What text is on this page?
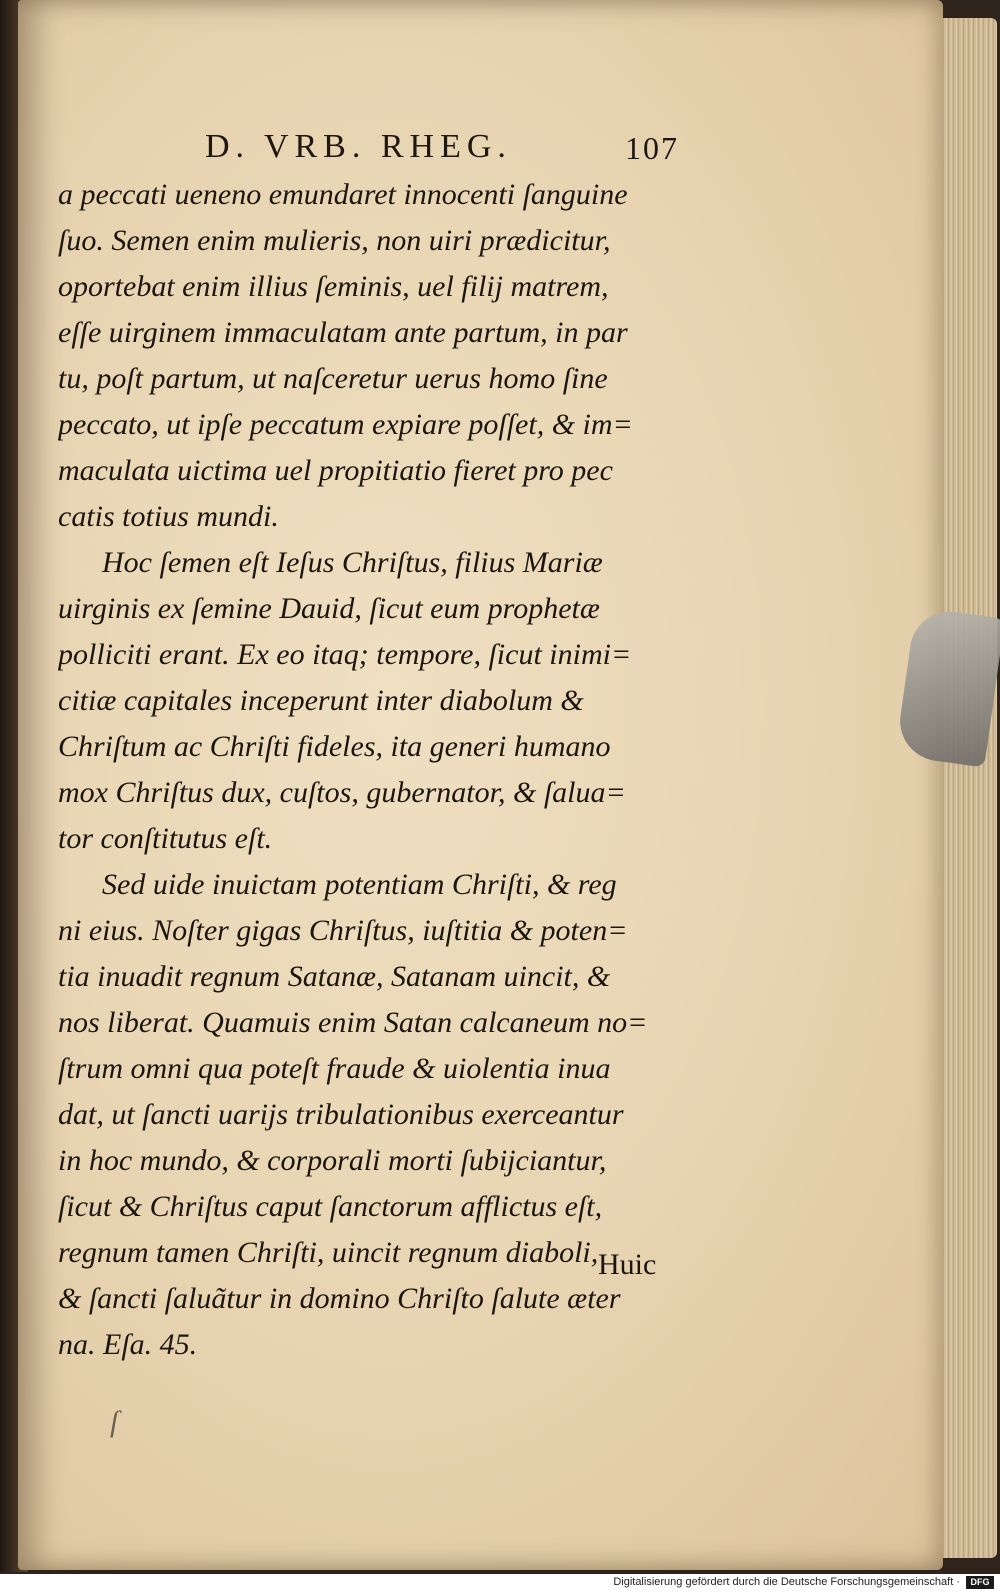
D. VRB. RHEG.	107
a peccati ueneno emundaret innocenti ſanguine
ſuo. Semen enim mulieris, non uiri prædicitur,
oportebat enim illius ſeminis, uel filij matrem,
eſſe uirginem immaculatam ante partum, in par
tu, poſt partum, ut naſceretur uerus homo ſine
peccato, ut ipſe peccatum expiare poſſet, & im=
maculata uictima uel propitiatio fieret pro pec
catis totius mundi.
Hoc ſemen eſt Ieſus Chriſtus, filius Mariæ
uirginis ex ſemine Dauid, ſicut eum prophetæ
polliciti erant. Ex eo itaq; tempore, ſicut inimi=
citiæ capitales inceperunt inter diabolum &
Chriſtum ac Chriſti fideles, ita generi humano
mox Chriſtus dux, cuſtos, gubernator, & ſalua=
tor conſtitutus eſt.
Sed uide inuictam potentiam Chriſti, & reg
ni eius. Noſter gigas Chriſtus, iuſtitia & poten=
tia inuadit regnum Satanæ, Satanam uincit, &
nos liberat. Quamuis enim Satan calcaneum no=
ſtrum omni qua poteſt fraude & uiolentia inua
dat, ut ſancti uarijs tribulationibus exerceantur
in hoc mundo, & corporali morti ſubijciantur,
ſicut & Chriſtus caput ſanctorum afflictus eſt,
regnum tamen Chriſti, uincit regnum diaboli,
& ſancti ſaluãtur in domino Chriſto ſalute æter
na. Eſa. 45.
Huic
ſ
Digitalisierung gefördert durch die Deutsche Forschungsgemeinschaft ·	DFG
